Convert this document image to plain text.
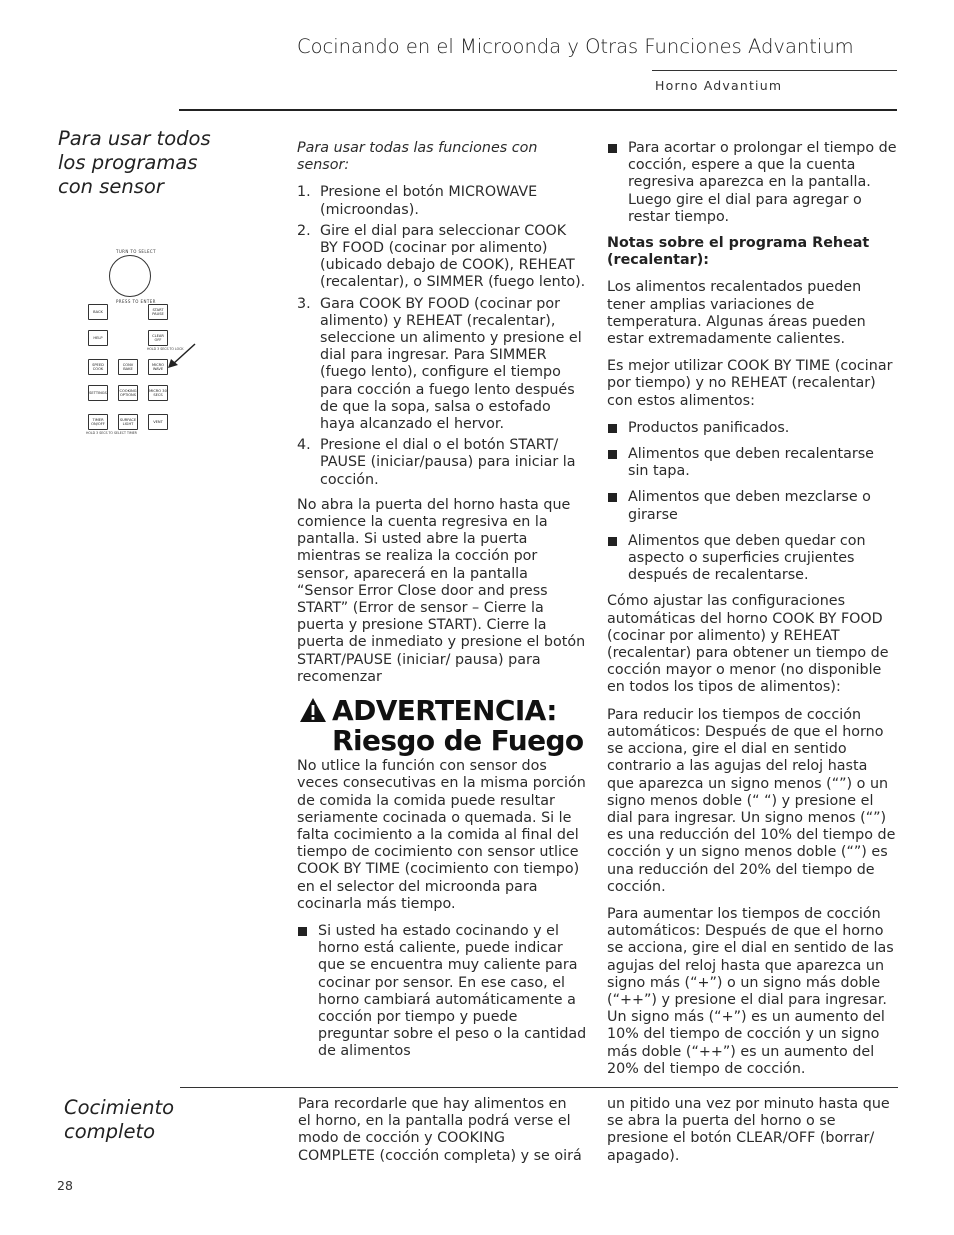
Cocinando en el Microonda y Otras Funciones Advantium
Horno Advantium
Para usar todos
los programas
con sensor
TURN TO SELECT
PRESS TO ENTER
BACK
START PAUSE
HELP
CLEAR OFF
HOLD 3 SECS TO LOCK
SPEED COOK
CONV BAKE
MICRO WAVE
SETTINGS
COOKING OPTIONS
MICRO 30 SECS
TIMER ON/OFF
SURFACE LIGHT
VENT
HOLD 3 SECS TO SELECT TIMER

Para usar todas las funciones con sensor:

1. Presione el botón MICROWAVE (microondas).
2. Gire el dial para seleccionar COOK BY FOOD (cocinar por alimento) (ubicado debajo de COOK), REHEAT (recalentar), o SIMMER (fuego lento).
3. Gara COOK BY FOOD (cocinar por alimento) y REHEAT (recalentar), seleccione un alimento y presione el dial para ingresar. Para SIMMER (fuego lento), configure el tiempo para cocción a fuego lento después de que la sopa, salsa o estofado haya alcanzado el hervor.
4. Presione el dial o el botón START/ PAUSE (iniciar/pausa) para iniciar la cocción.

No abra la puerta del horno hasta que comience la cuenta regresiva en la pantalla. Si usted abre la puerta mientras se realiza la cocción por sensor, aparecerá en la pantalla “Sensor Error Close door and press START” (Error de sensor – Cierre la puerta y presione START). Cierre la puerta de inmediato y presione el botón START/PAUSE (iniciar/ pausa) para recomenzar

ADVERTENCIA:
Riesgo de Fuego

No utlice la función con sensor dos veces consecutivas en la misma porción de comida la comida puede resultar seriamente cocinada o quemada. Si le falta cocimiento a la comida al final del tiempo de cocimiento con sensor utlice COOK BY TIME (cocimiento con tiempo) en el selector del microonda para cocinarla más tiempo.

Si usted ha estado cocinando y el horno está caliente, puede indicar que se encuentra muy caliente para cocinar por sensor. En ese caso, el horno cambiará automáticamente a cocción por tiempo y puede preguntar sobre el peso o la cantidad de alimentos
Para acortar o prolongar el tiempo de cocción, espere a que la cuenta regresiva aparezca en la pantalla. Luego gire el dial para agregar o restar tiempo.

Notas sobre el programa Reheat (recalentar):

Los alimentos recalentados pueden tener amplias variaciones de temperatura. Algunas áreas pueden estar extremadamente calientes.

Es mejor utilizar COOK BY TIME (cocinar por tiempo) y no REHEAT (recalentar) con estos alimentos:

Productos panificados.
Alimentos que deben recalentarse sin tapa.
Alimentos que deben mezclarse o girarse
Alimentos que deben quedar con aspecto o superficies crujientes después de recalentarse.

Cómo ajustar las configuraciones automáticas del horno COOK BY FOOD (cocinar por alimento) y REHEAT (recalentar) para obtener un tiempo de cocción mayor o menor (no disponible en todos los tipos de alimentos):

Para reducir los tiempos de cocción automáticos: Después de que el horno se acciona, gire el dial en sentido contrario a las agujas del reloj hasta que aparezca un signo menos (“”) o un signo menos doble (“ “) y presione el dial para ingresar. Un signo menos (“”) es una reducción del 10% del tiempo de cocción y un signo menos doble (“”) es una reducción del 20% del tiempo de cocción.

Para aumentar los tiempos de cocción automáticos: Después de que el horno se acciona, gire el dial en sentido de las agujas del reloj hasta que aparezca un signo más (“+”) o un signo más doble (“++”) y presione el dial para ingresar. Un signo más (“+”) es un aumento del 10% del tiempo de cocción y un signo más doble (“++”) es un aumento del 20% del tiempo de cocción.

Cocimiento
completo

Para recordarle que hay alimentos en el horno, en la pantalla podrá verse el modo de cocción y COOKING COMPLETE (cocción completa) y se oirá

un pitido una vez por minuto hasta que se abra la puerta del horno o se presione el botón CLEAR/OFF (borrar/ apagado).

28
